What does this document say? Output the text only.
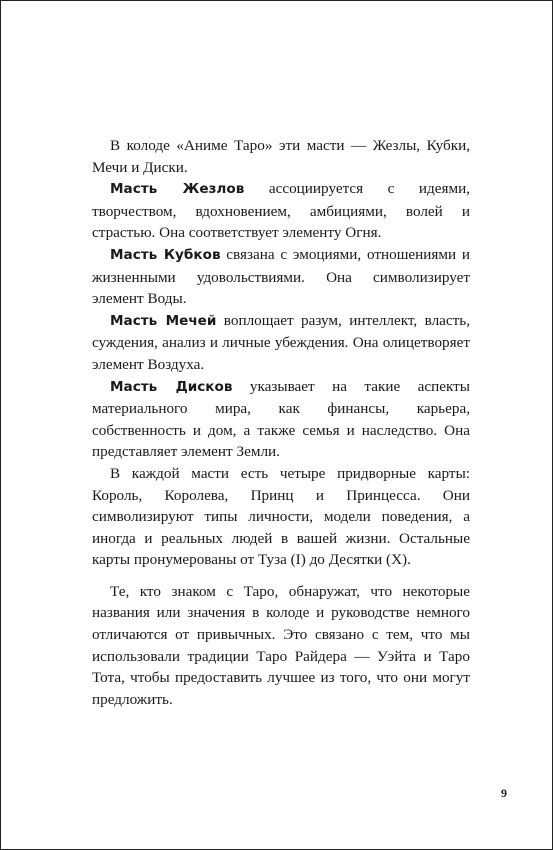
В колоде «Аниме Таро» эти масти — Жезлы, Кубки, Мечи и Диски.

Масть Жезлов ассоциируется с идеями, творчеством, вдохновением, амбициями, волей и страстью. Она соответствует элементу Огня.

Масть Кубков связана с эмоциями, отношениями и жизненными удовольствиями. Она символизирует элемент Воды.

Масть Мечей воплощает разум, интеллект, власть, суждения, анализ и личные убеждения. Она олицетворяет элемент Воздуха.

Масть Дисков указывает на такие аспекты материального мира, как финансы, карьера, собственность и дом, а также семья и наследство. Она представляет элемент Земли.

В каждой масти есть четыре придворные карты: Король, Королева, Принц и Принцесса. Они символизируют типы личности, модели поведения, а иногда и реальных людей в вашей жизни. Остальные карты пронумерованы от Туза (I) до Десятки (X).

Те, кто знаком с Таро, обнаружат, что некоторые названия или значения в колоде и руководстве немного отличаются от привычных. Это связано с тем, что мы использовали традиции Таро Райдера — Уэйта и Таро Тота, чтобы предоставить лучшее из того, что они могут предложить.

9
